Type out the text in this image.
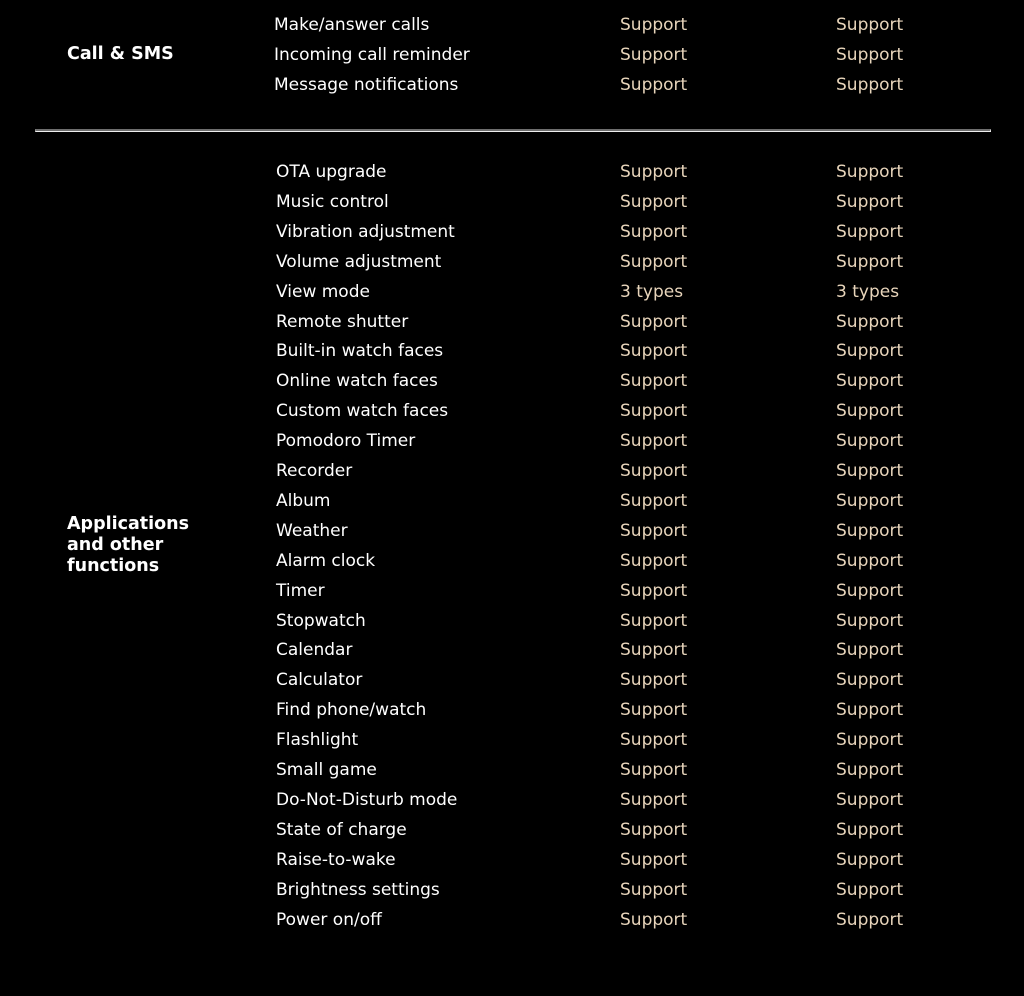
Call & SMS

Make/answer calls	Support	Support
Incoming call reminder	Support	Support
Message notifications	Support	Support

Applications
and other
functions

OTA upgrade	Support	Support
Music control	Support	Support
Vibration adjustment	Support	Support
Volume adjustment	Support	Support
View mode	3 types	3 types
Remote shutter	Support	Support
Built-in watch faces	Support	Support
Online watch faces	Support	Support
Custom watch faces	Support	Support
Pomodoro Timer	Support	Support
Recorder	Support	Support
Album	Support	Support
Weather	Support	Support
Alarm clock	Support	Support
Timer	Support	Support
Stopwatch	Support	Support
Calendar	Support	Support
Calculator	Support	Support
Find phone/watch	Support	Support
Flashlight	Support	Support
Small game	Support	Support
Do-Not-Disturb mode	Support	Support
State of charge	Support	Support
Raise-to-wake	Support	Support
Brightness settings	Support	Support
Power on/off	Support	Support
